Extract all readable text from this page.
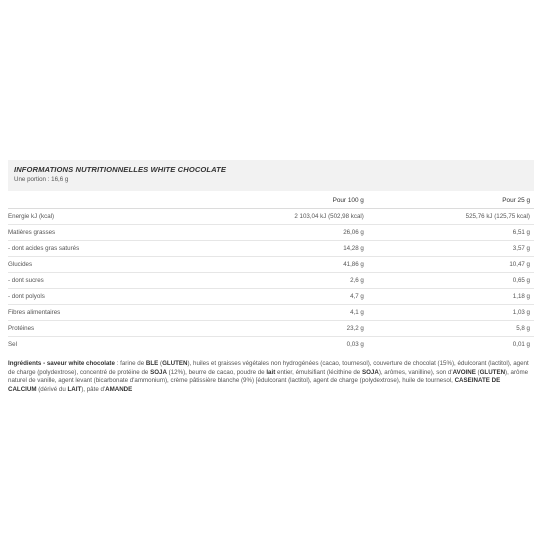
INFORMATIONS NUTRITIONNELLES WHITE CHOCOLATE
Une portion : 16,6 g
	Pour 100 g	Pour 25 g
Energie kJ (kcal)	2 103,04 kJ (502,98 kcal)	525,76 kJ (125,75 kcal)
Matières grasses	26,06 g	6,51 g
- dont acides gras saturés	14,28 g	3,57 g
Glucides	41,86 g	10,47 g
- dont sucres	2,6 g	0,65 g
- dont polyols	4,7 g	1,18 g
Fibres alimentaires	4,1 g	1,03 g
Protéines	23,2 g	5,8 g
Sel	0,03 g	0,01 g
Ingrédients - saveur white chocolate : farine de BLE (GLUTEN), huiles et graisses végétales non hydrogénées (cacao, tournesol), couverture de chocolat (15%), édulcorant (lactitol), agent de charge (polydextrose), concentré de protéine de SOJA (12%), beurre de cacao, poudre de lait entier, émulsifiant (lécithine de SOJA), arômes, vanilline), son d'AVOINE (GLUTEN), arôme naturel de vanille, agent levant (bicarbonate d'ammonium), crème pâtissière blanche (9%) [édulcorant (lactitol), agent de charge (polydextrose), huile de tournesol, CASEINATE DE CALCIUM (dérivé du LAIT), pâte d'AMANDE
